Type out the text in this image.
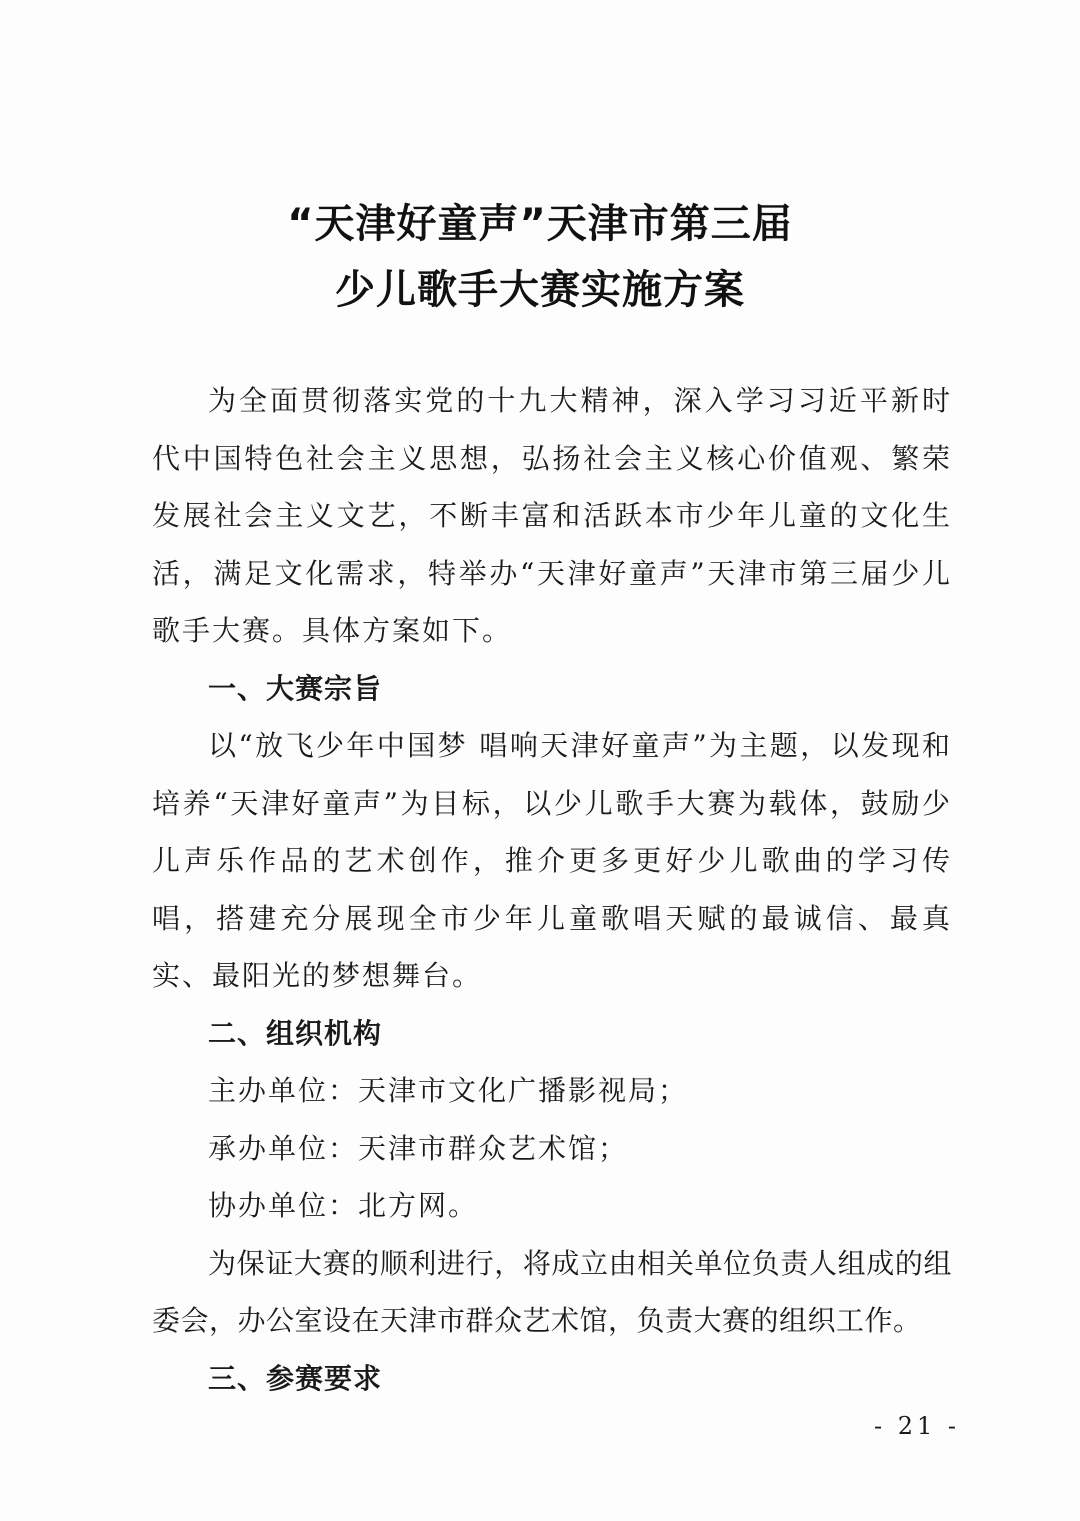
“天津好童声”天津市第三届
少儿歌手大赛实施方案

为全面贯彻落实党的十九大精神，深入学习习近平新时代中国特色社会主义思想，弘扬社会主义核心价值观、繁荣发展社会主义文艺，不断丰富和活跃本市少年儿童的文化生活，满足文化需求，特举办“天津好童声”天津市第三届少儿歌手大赛。具体方案如下。

一、大赛宗旨

以“放飞少年中国梦 唱响天津好童声”为主题，以发现和培养“天津好童声”为目标，以少儿歌手大赛为载体，鼓励少儿声乐作品的艺术创作，推介更多更好少儿歌曲的学习传唱，搭建充分展现全市少年儿童歌唱天赋的最诚信、最真实、最阳光的梦想舞台。

二、组织机构

主办单位：天津市文化广播影视局；

承办单位：天津市群众艺术馆；

协办单位：北方网。

为保证大赛的顺利进行，将成立由相关单位负责人组成的组委会，办公室设在天津市群众艺术馆，负责大赛的组织工作。

三、参赛要求

- 21 -
